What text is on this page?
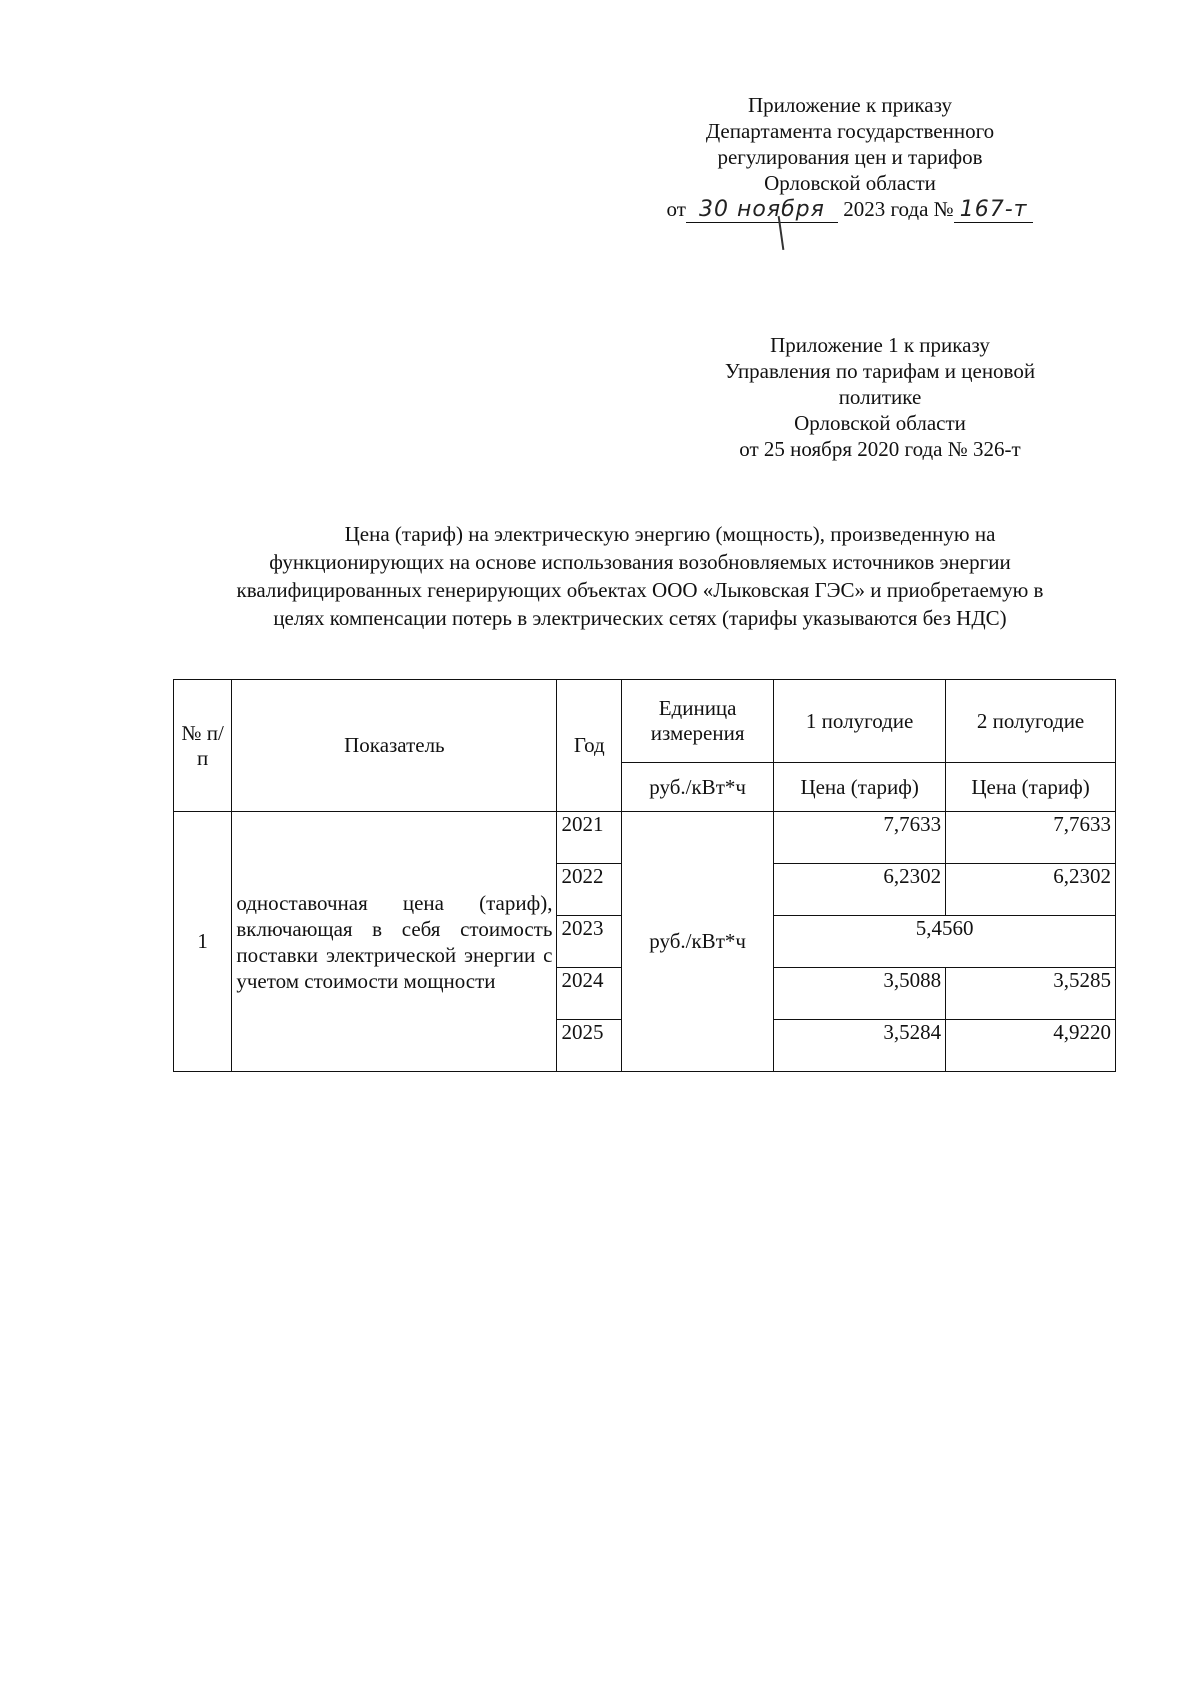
Приложение к приказу
Департамента государственного
регулирования цен и тарифов
Орловской области
от 30 ноября 2023 года № 167-т
Приложение 1 к приказу
Управления по тарифам и ценовой
политике
Орловской области
от 25 ноября 2020 года № 326-т
Цена (тариф) на электрическую энергию (мощность), произведенную на
функционирующих на основе использования возобновляемых источников энергии
квалифицированных генерирующих объектах ООО «Лыковская ГЭС» и приобретаемую в
целях компенсации потерь в электрических сетях (тарифы указываются без НДС)
№ п/п	Показатель	Год	Единица измерения	1 полугодие	2 полугодие
			руб./кВт*ч	Цена (тариф)	Цена (тариф)
1	одноставочная цена (тариф), включающая в себя стоимость поставки электрической энергии с учетом стоимости мощности	2021	руб./кВт*ч	7,7633	7,7633
		2022		6,2302	6,2302
		2023		5,4560	
		2024		3,5088	3,5285
		2025		3,5284	4,9220
